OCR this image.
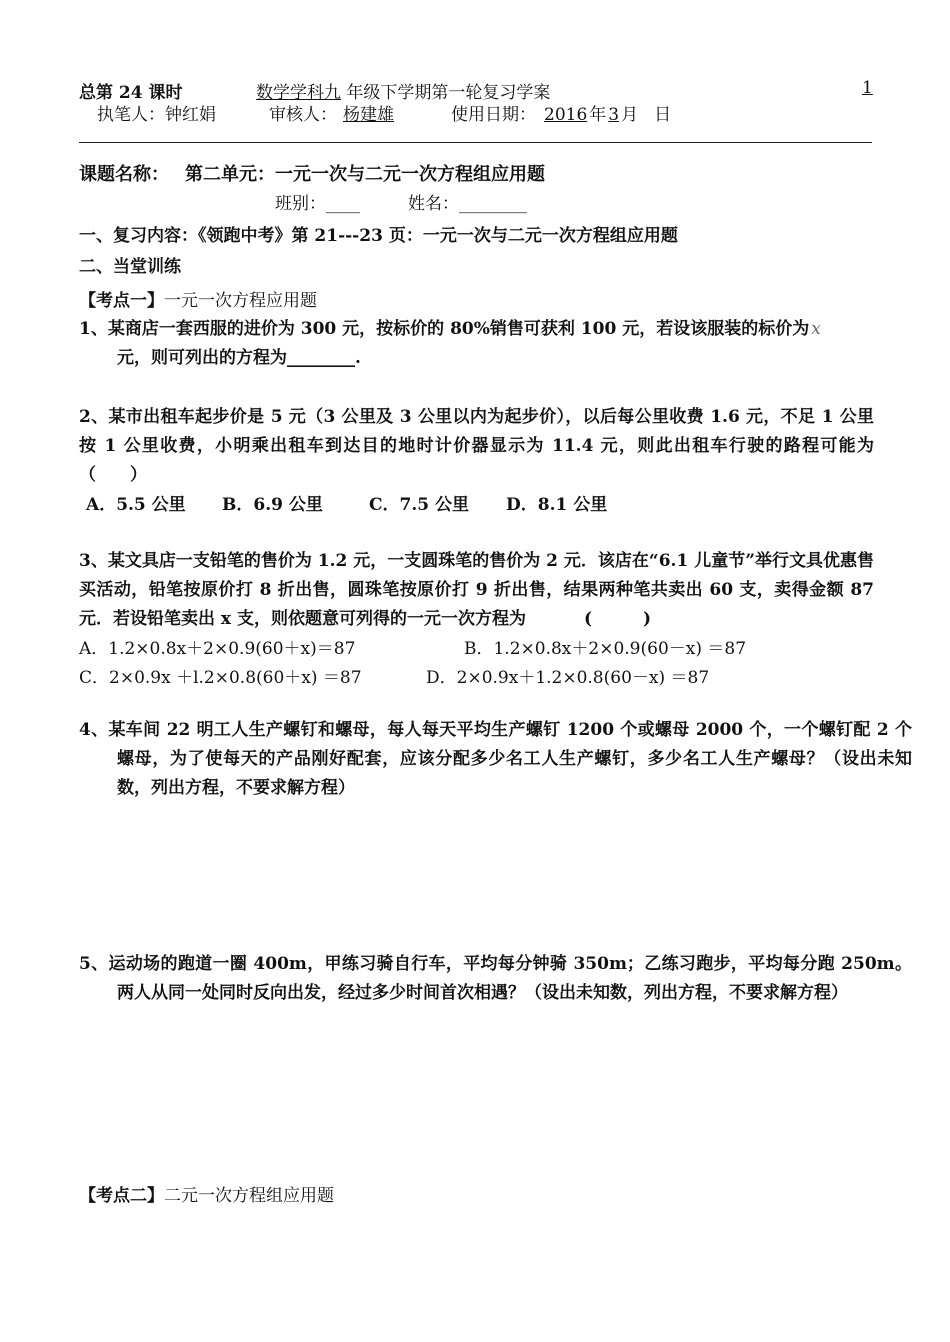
总第 24 课时	数学学科九 年级下学期第一轮复习学案	1
执笔人：钟红娟	审核人： 杨建雄	使用日期： 2016 年 3 月 日
课题名称： 第二单元：一元一次与二元一次方程组应用题
班别：____	姓名：________
一、复习内容：《领跑中考》第 21---23 页：一元一次与二元一次方程组应用题
二、当堂训练
【考点一】一元一次方程应用题
1、某商店一套西服的进价为 300 元，按标价的 80%销售可获利 100 元，若设该服装的标价为 x
元，则可列出的方程为________.
2、某市出租车起步价是 5 元（3 公里及 3 公里以内为起步价），以后每公里收费 1.6 元，不足 1 公里按 1 公里收费，小明乘出租车到达目的地时计价器显示为 11.4 元，则此出租车行驶的路程可能为（　　）
A．5.5 公里 B．6.9 公里	C．7.5 公里 D．8.1 公里
3、某文具店一支铅笔的售价为 1.2 元，一支圆珠笔的售价为 2 元．该店在“6.1 儿童节”举行文具优惠售买活动，铅笔按原价打 8 折出售，圆珠笔按原价打 9 折出售，结果两种笔共卖出 60 支，卖得金额 87 元．若设铅笔卖出 x 支，则依题意可列得的一元一次方程为	(　　　)
A．1.2×0.8x＋2×0.9(60＋x)＝87	B．1.2×0.8x＋2×0.9(60－x) ＝87
C．2×0.9x ＋l.2×0.8(60＋x) ＝87	D．2×0.9x＋1.2×0.8(60－x) ＝87
4、某车间 22 明工人生产螺钉和螺母，每人每天平均生产螺钉 1200 个或螺母 2000 个，一个螺钉配 2 个螺母，为了使每天的产品刚好配套，应该分配多少名工人生产螺钉，多少名工人生产螺母？（设出未知数，列出方程，不要求解方程）
5、运动场的跑道一圈 400m，甲练习骑自行车，平均每分钟骑 350m；乙练习跑步，平均每分跑 250m。两人从同一处同时反向出发，经过多少时间首次相遇？（设出未知数，列出方程，不要求解方程）
【考点二】二元一次方程组应用题
